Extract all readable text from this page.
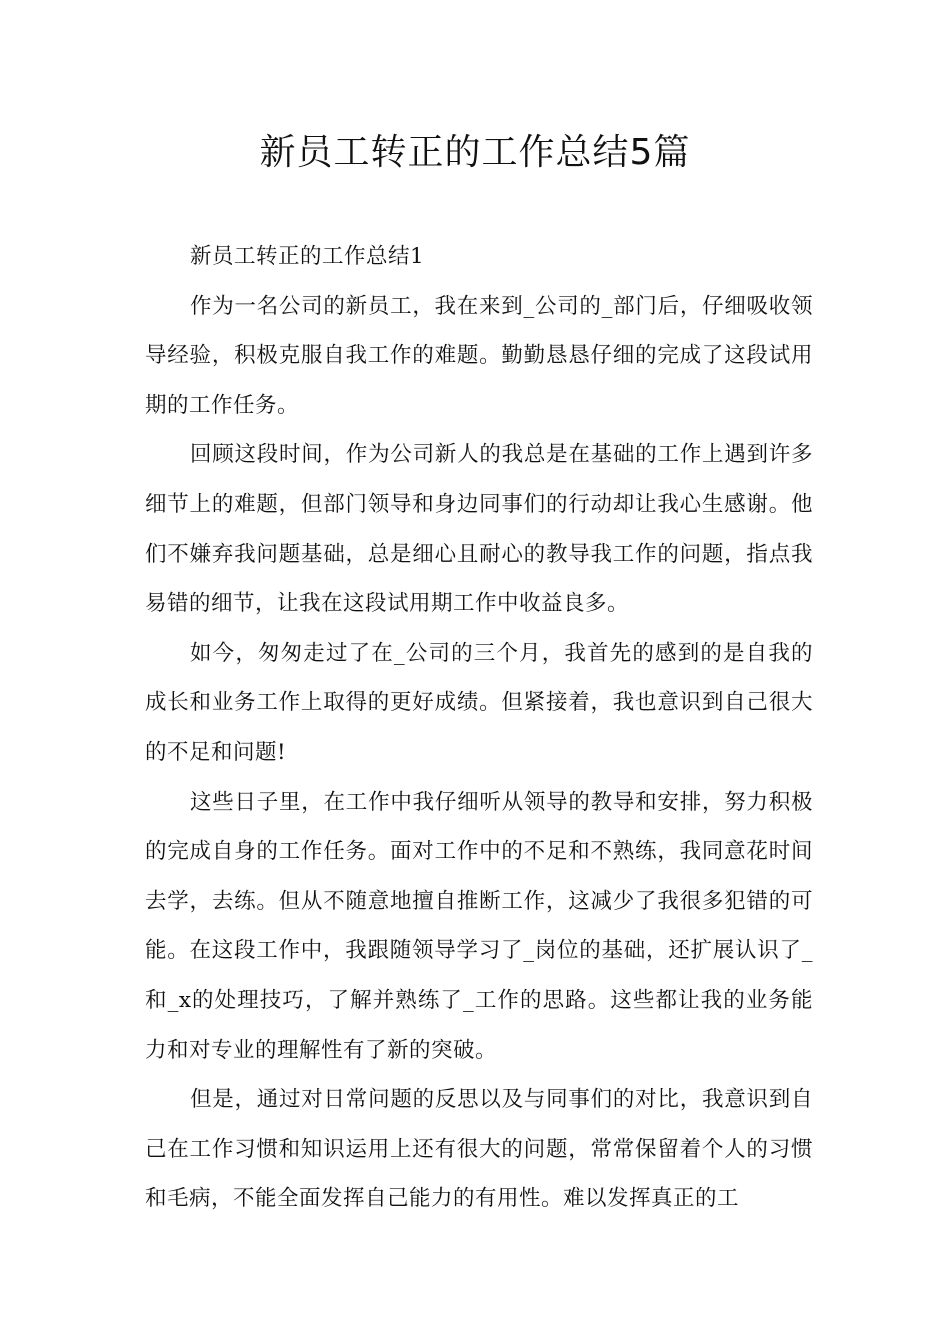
新员工转正的工作总结5篇

新员工转正的工作总结1

作为一名公司的新员工，我在来到_公司的_部门后，仔细吸收领导经验，积极克服自我工作的难题。勤勤恳恳仔细的完成了这段试用期的工作任务。

回顾这段时间，作为公司新人的我总是在基础的工作上遇到许多细节上的难题，但部门领导和身边同事们的行动却让我心生感谢。他们不嫌弃我问题基础，总是细心且耐心的教导我工作的问题，指点我易错的细节，让我在这段试用期工作中收益良多。

如今，匆匆走过了在_公司的三个月，我首先的感到的是自我的成长和业务工作上取得的更好成绩。但紧接着，我也意识到自己很大的不足和问题!

这些日子里，在工作中我仔细听从领导的教导和安排，努力积极的完成自身的工作任务。面对工作中的不足和不熟练，我同意花时间去学，去练。但从不随意地擅自推断工作，这减少了我很多犯错的可能。在这段工作中，我跟随领导学习了_岗位的基础，还扩展认识了_和_x的处理技巧，了解并熟练了_工作的思路。这些都让我的业务能力和对专业的理解性有了新的突破。

但是，通过对日常问题的反思以及与同事们的对比，我意识到自己在工作习惯和知识运用上还有很大的问题，常常保留着个人的习惯和毛病，不能全面发挥自己能力的有用性。难以发挥真正的工
